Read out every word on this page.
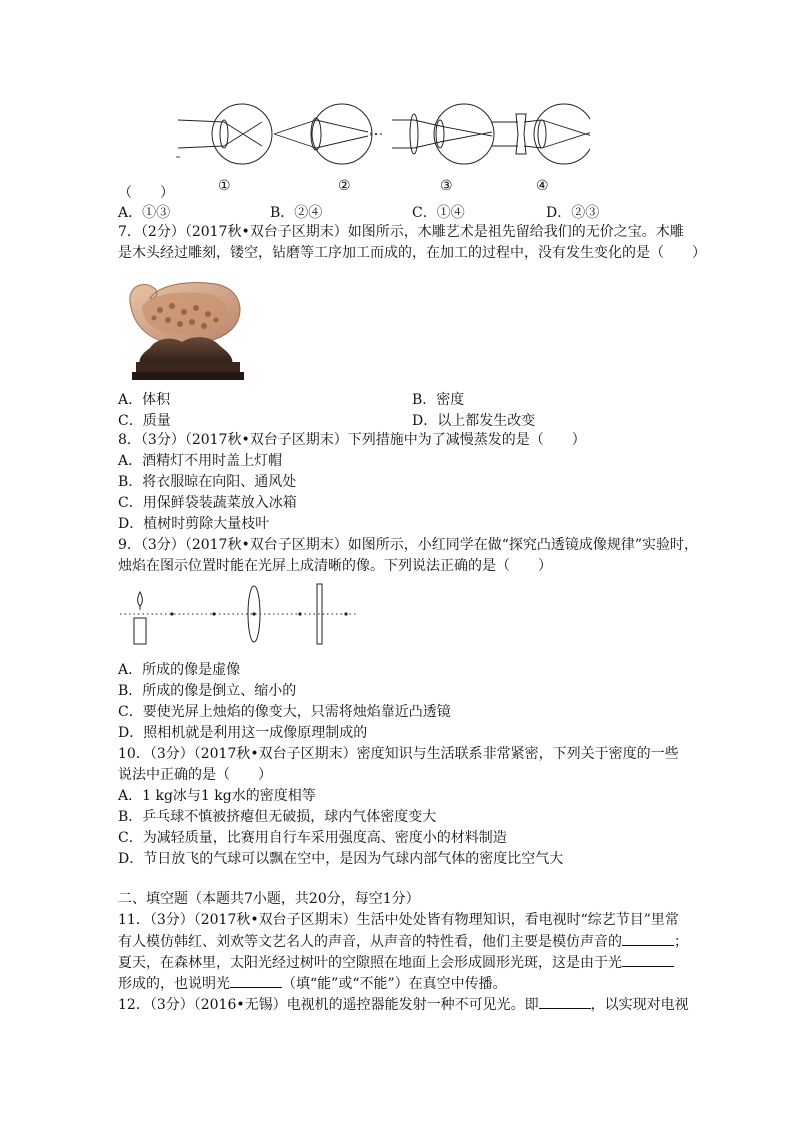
①	②	③	④
（　　）
A．①③	B．②④	C．①④	D．②③
7．（2分）（2017秋•双台子区期末）如图所示，木雕艺术是祖先留给我们的无价之宝。木雕
是木头经过雕刻，镂空，钻磨等工序加工而成的，在加工的过程中，没有发生变化的是（　　）
A．体积	B．密度
C．质量	D．以上都发生改变
8．（3分）（2017秋•双台子区期末）下列措施中为了减慢蒸发的是（　　）
A．酒精灯不用时盖上灯帽
B．将衣服晾在向阳、通风处
C．用保鲜袋装蔬菜放入冰箱
D．植树时剪除大量枝叶
9．（3分）（2017秋•双台子区期末）如图所示，小红同学在做“探究凸透镜成像规律”实验时，
烛焰在图示位置时能在光屏上成清晰的像。下列说法正确的是（　　）
A．所成的像是虚像
B．所成的像是倒立、缩小的
C．要使光屏上烛焰的像变大，只需将烛焰靠近凸透镜
D．照相机就是利用这一成像原理制成的
10．（3分）（2017秋•双台子区期末）密度知识与生活联系非常紧密，下列关于密度的一些
说法中正确的是（　　）
A．1 kg冰与1 kg水的密度相等
B．乒乓球不慎被挤瘪但无破损，球内气体密度变大
C．为减轻质量，比赛用自行车采用强度高、密度小的材料制造
D．节日放飞的气球可以飘在空中，是因为气球内部气体的密度比空气大
二、填空题（本题共7小题，共20分，每空1分）
11．（3分）（2017秋•双台子区期末）生活中处处皆有物理知识，看电视时“综艺节目”里常
有人模仿韩红、刘欢等文艺名人的声音，从声音的特性看，他们主要是模仿声音的	；
夏天，在森林里，太阳光经过树叶的空隙照在地面上会形成圆形光斑，这是由于光
形成的，也说明光	（填“能”或“不能”）在真空中传播。
12．（3分）（2016•无锡）电视机的遥控器能发射一种不可见光。即	，以实现对电视
